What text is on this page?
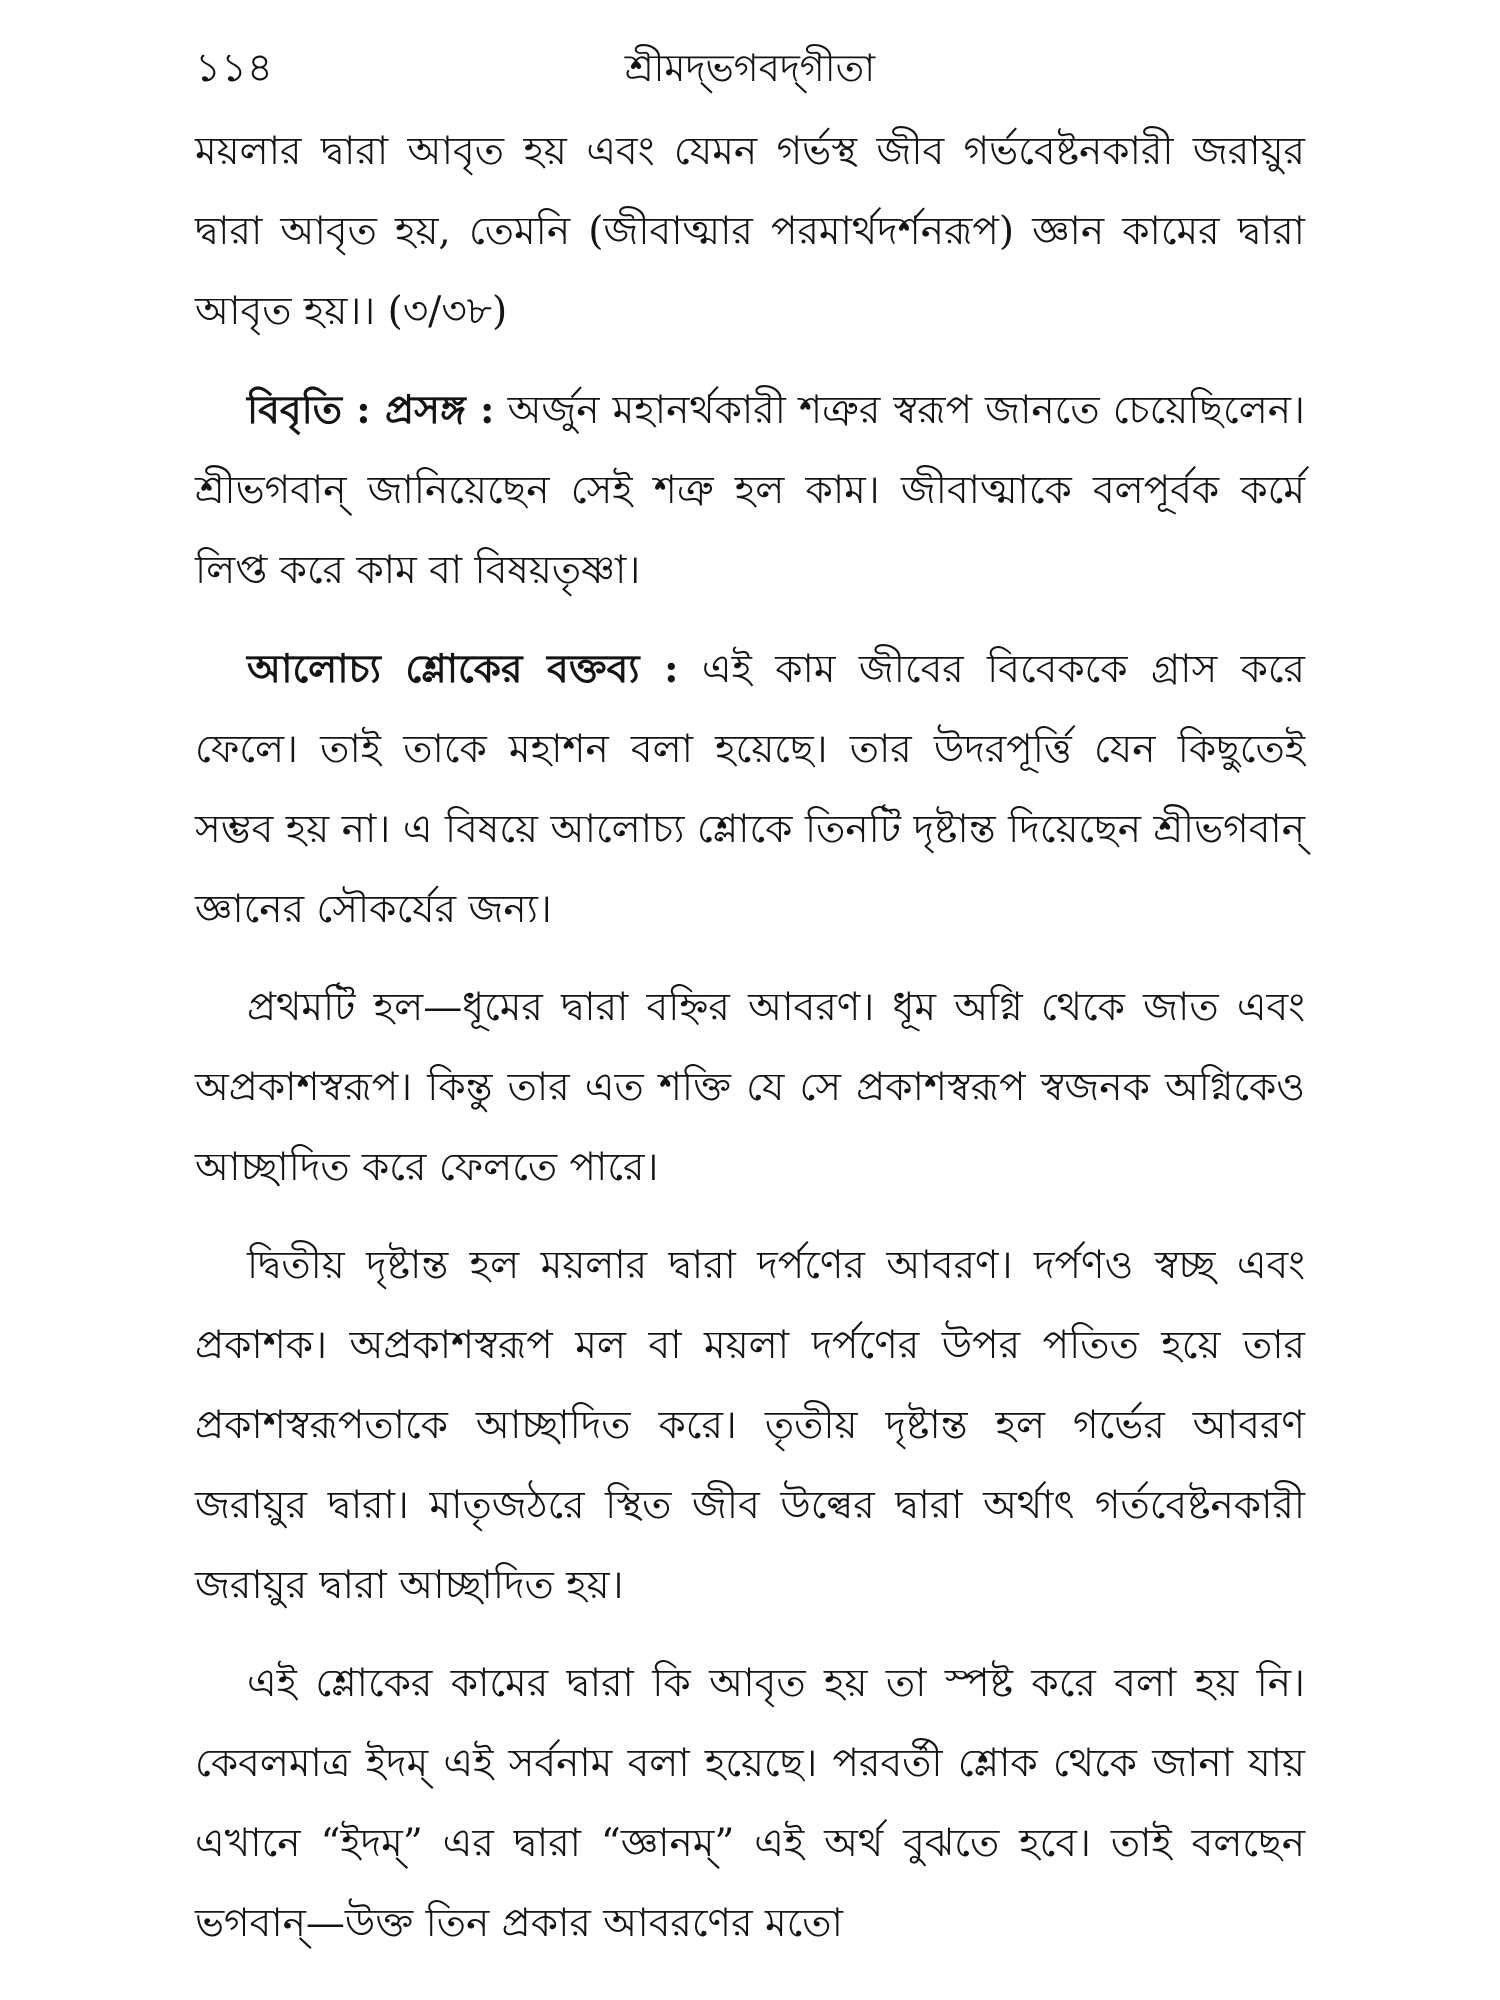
১১৪	শ্রীমদ্‌ভগবদ্‌গীতা

ময়লার দ্বারা আবৃত হয় এবং যেমন গর্ভস্থ জীব গর্ভবেষ্টনকারী জরায়ুর দ্বারা আবৃত হয়, তেমনি (জীবাত্মার পরমার্থদর্শনরূপ) জ্ঞান কামের দ্বারা আবৃত হয়।। (৩/৩৮)

বিবৃতি : প্রসঙ্গ : অর্জুন মহানর্থকারী শত্রুর স্বরূপ জানতে চেয়েছিলেন। শ্রীভগবান্‌ জানিয়েছেন সেই শত্রু হল কাম। জীবাত্মাকে বলপূর্বক কর্মে লিপ্ত করে কাম বা বিষয়তৃষ্ণা।

আলোচ্য শ্লোকের বক্তব্য : এই কাম জীবের বিবেককে গ্রাস করে ফেলে। তাই তাকে মহাশন বলা হয়েছে। তার উদরপূর্ত্তি যেন কিছুতেই সম্ভব হয় না। এ বিষয়ে আলোচ্য শ্লোকে তিনটি দৃষ্টান্ত দিয়েছেন শ্রীভগবান্‌ জ্ঞানের সৌকর্যের জন্য।

প্রথমটি হল—ধূমের দ্বারা বহ্নির আবরণ। ধূম অগ্নি থেকে জাত এবং অপ্রকাশস্বরূপ। কিন্তু তার এত শক্তি যে সে প্রকাশস্বরূপ স্বজনক অগ্নিকেও আচ্ছাদিত করে ফেলতে পারে।

দ্বিতীয় দৃষ্টান্ত হল ময়লার দ্বারা দর্পণের আবরণ। দর্পণও স্বচ্ছ এবং প্রকাশক। অপ্রকাশস্বরূপ মল বা ময়লা দর্পণের উপর পতিত হয়ে তার প্রকাশস্বরূপতাকে আচ্ছাদিত করে। তৃতীয় দৃষ্টান্ত হল গর্ভের আবরণ জরায়ুর দ্বারা। মাতৃজঠরে স্থিত জীব উল্বের দ্বারা অর্থাৎ গর্তবেষ্টনকারী জরায়ুর দ্বারা আচ্ছাদিত হয়।

এই শ্লোকের কামের দ্বারা কি আবৃত হয় তা স্পষ্ট করে বলা হয় নি। কেবলমাত্র ইদম্‌ এই সর্বনাম বলা হয়েছে। পরবর্তী শ্লোক থেকে জানা যায় এখানে “ইদম্‌” এর দ্বারা “জ্ঞানম্‌” এই অর্থ বুঝতে হবে। তাই বলছেন ভগবান্‌—উক্ত তিন প্রকার আবরণের মতো
